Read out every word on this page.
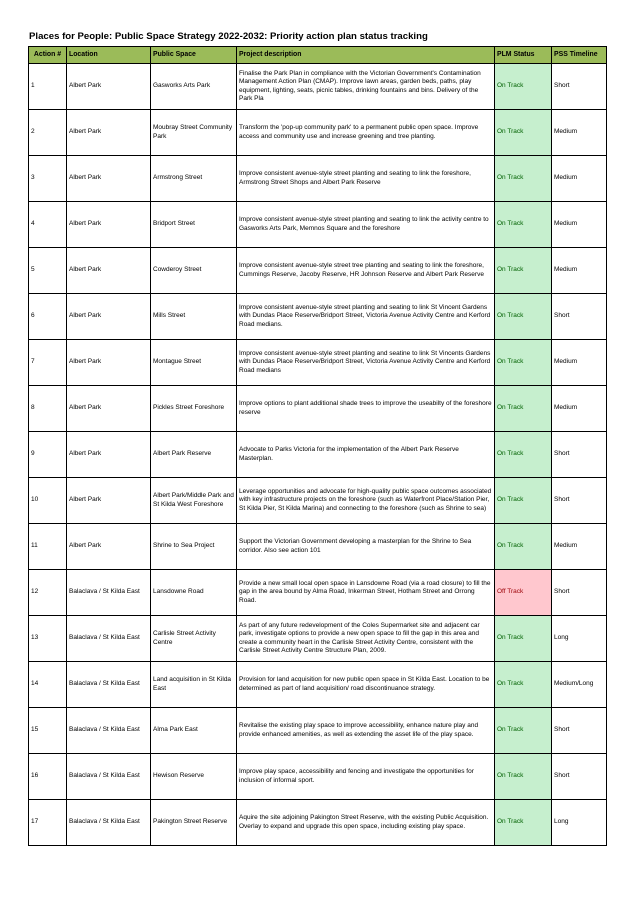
Places for People: Public Space Strategy 2022-2032: Priority action plan status tracking
Action #	Location	Public Space	Project description	PLM Status	PSS Timeline
1	Albert Park	Gasworks Arts Park	Finalise the Park Plan in compliance with the Victorian Government's Contamination Management Action Plan (CMAP). Improve lawn areas, garden beds, paths, play equipment, lighting, seats, picnic tables, drinking fountains and bins. Delivery of the Park Pla	On Track	Short
2	Albert Park	Moubray Street Community Park	Transform the 'pop-up community park' to a permanent public open space. Improve access and community use and increase greening and tree planting.	On Track	Medium
3	Albert Park	Armstrong Street	Improve consistent avenue-style street planting and seating to link the foreshore, Armstrong Street Shops and Albert Park Reserve	On Track	Medium
4	Albert Park	Bridport Street	Improve consistent avenue-style street planting and seating to link the activity centre to Gasworks Arts Park, Memnos Square and the foreshore	On Track	Medium
5	Albert Park	Cowderoy Street	Improve consistent avenue-style street tree planting and seating to link the foreshore, Cummings Reserve, Jacoby Reserve, HR Johnson Reserve and Albert Park Reserve	On Track	Medium
6	Albert Park	Mills Street	Improve consistent avenue-style street planting and seating to link St Vincent Gardens with Dundas Place Reserve/Bridport Street, Victoria Avenue Activity Centre and Kerford Road medians.	On Track	Short
7	Albert Park	Montague Street	Improve consistent avenue-style street planting and seatine to link St Vincents Gardens with Dundas Place Reserve/Bridport Street, Victoria Avenue Activity Centre and Kerford Road medians	On Track	Medium
8	Albert Park	Pickles Street Foreshore	Improve options to plant additional shade trees to improve the useabilty of the foreshore reserve	On Track	Medium
9	Albert Park	Albert Park Reserve	Advocate to Parks Victoria for the implementation of the Albert Park Reserve Masterplan.	On Track	Short
10	Albert Park	Albert Park/Middle Park and St Kilda West Foreshore	Leverage opportunities and advocate for high-quality public space outcomes associated with key infrastructure projects on the foreshore (such as Waterfront Place/Station Pier, St Kilda Pier, St Kilda Marina) and connecting to the foreshore (such as Shrine to sea)	On Track	Short
11	Albert Park	Shrine to Sea Project	Support the Victorian Government developing a masterplan for the Shrine to Sea corridor. Also see action 101	On Track	Medium
12	Balaclava / St Kilda East	Lansdowne Road	Provide a new small local open space in Lansdowne Road (via a road closure) to fill the gap in the area bound by Alma Road, Inkerman Street, Hotham Street and Orrong Road.	Off Track	Short
13	Balaclava / St Kilda East	Carlisle Street Activity Centre	As part of any future redevelopment of the Coles Supermarket site and adjacent car park, investigate options to provide a new open space to fill the gap in this area and create a community heart in the Carlisle Street Activity Centre, consistent with the Carlisle Street Activity Centre Structure Plan, 2009.	On Track	Long
14	Balaclava / St Kilda East	Land acquisition in St Kilda East	Provision for land acquisition for new public open space in St Kilda East. Location to be determined as part of land acquisition/ road discontinuance strategy.	On Track	Medium/Long
15	Balaclava / St Kilda East	Alma Park East	Revitalise the existing play space to improve accessibility, enhance nature play and provide enhanced amenities, as well as extending the asset life of the play space.	On Track	Short
16	Balaclava / St Kilda East	Hewison Reserve	Improve play space, accessibility and fencing and investigate the opportunities for inclusion of informal sport.	On Track	Short
17	Balaclava / St Kilda East	Pakington Street Reserve	Aquire the site adjoining Pakington Street Reserve, with the existing Public Acquisition. Overlay to expand and upgrade this open space, including existing play space.	On Track	Long
